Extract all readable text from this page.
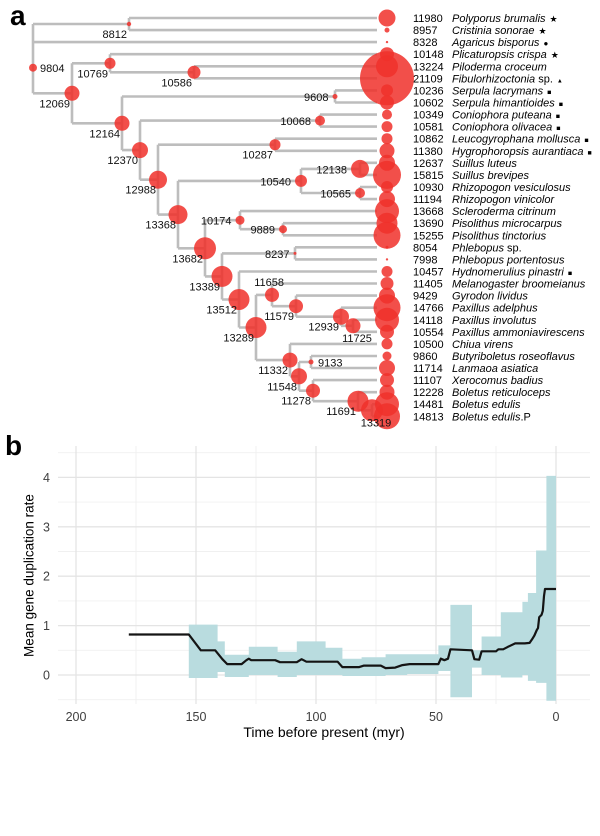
8812
9804
12069
10769
10586
12164
9608
12370
10068
12988
10287
13368
10540
12138
10565
13682
10174
9889
13389
8237
13512
13289
11658
11579
12939
11725
11332
11548
9133
11278
11691
13319
11980 Polyporus brumalis ★
8957 Cristinia sonorae ★
8328 Agaricus bisporus ●
10148 Plicaturopsis crispa ★
13224 Piloderma croceum
21109 Fibulorhizoctonia sp. ▲
10236 Serpula lacrymans ■
10602 Serpula himantioides ■
10349 Coniophora puteana ■
10581 Coniophora olivacea ■
10862 Leucogyrophana mollusca ■
11380 Hygrophoropsis aurantiaca ■
12637 Suillus luteus
15815 Suillus brevipes
10930 Rhizopogon vesiculosus
11194 Rhizopogon vinicolor
13668 Scleroderma citrinum
13690 Pisolithus microcarpus
15255 Pisolithus tinctorius
8054 Phlebopus sp.
7998 Phlebopus portentosus
10457 Hydnomerulius pinastri ■
11405 Melanogaster broomeianus
9429 Gyrodon lividus
14766 Paxillus adelphus
14118 Paxillus involutus
10554 Paxillus ammoniavirescens
10500 Chiua virens
9860 Butyriboletus roseoflavus
11714 Lanmaoa asiatica
11107 Xerocomus badius
12228 Boletus reticuloceps
14481 Boletus edulis
14813 Boletus edulis.P
0
1
2
3
4
200	150	100	50	0
a
b
Mean gene duplication rate
Time before present (myr)
